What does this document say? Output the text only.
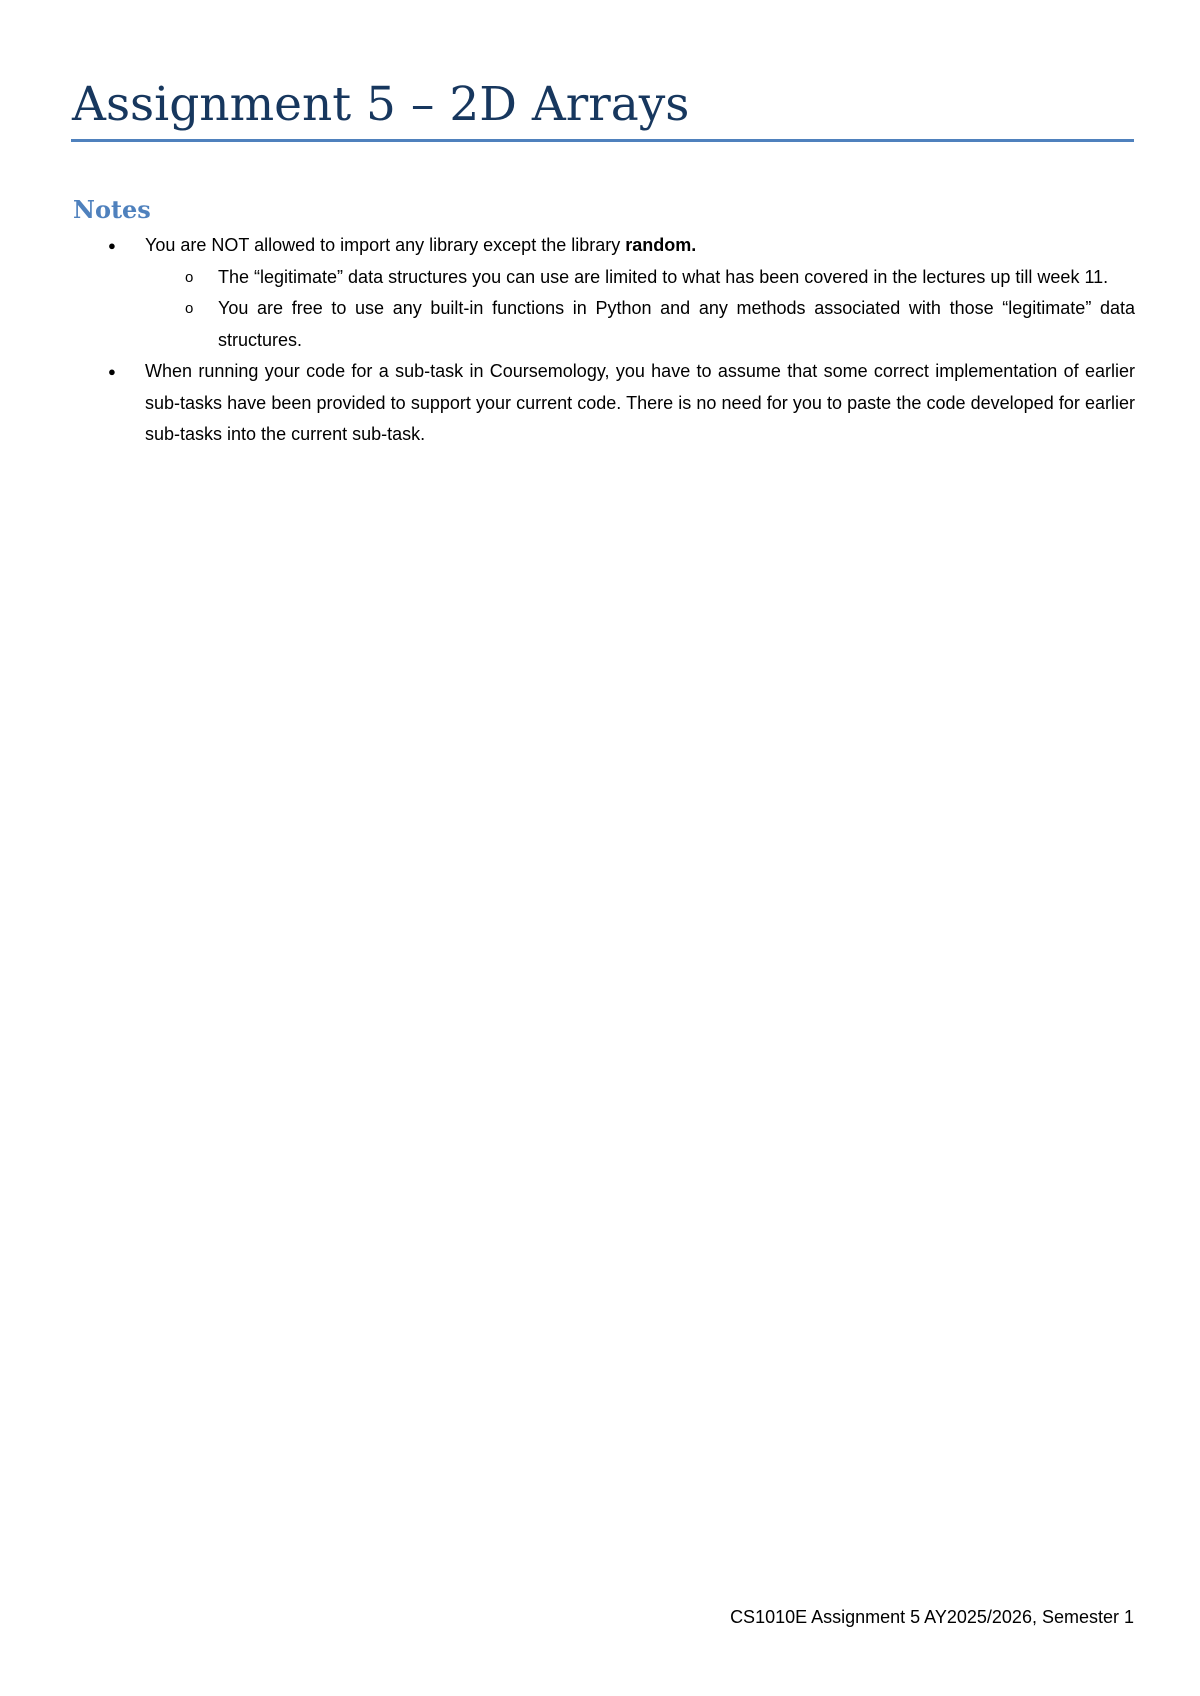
Assignment 5 – 2D Arrays
Notes
● You are NOT allowed to import any library except the library random.
o The “legitimate” data structures you can use are limited to what has been covered in the lectures up till week 11.
o You are free to use any built-in functions in Python and any methods associated with those “legitimate” data structures.
● When running your code for a sub-task in Coursemology, you have to assume that some correct implementation of earlier sub-tasks have been provided to support your current code. There is no need for you to paste the code developed for earlier sub-tasks into the current sub-task.

CS1010E Assignment 5 AY2025/2026, Semester 1
